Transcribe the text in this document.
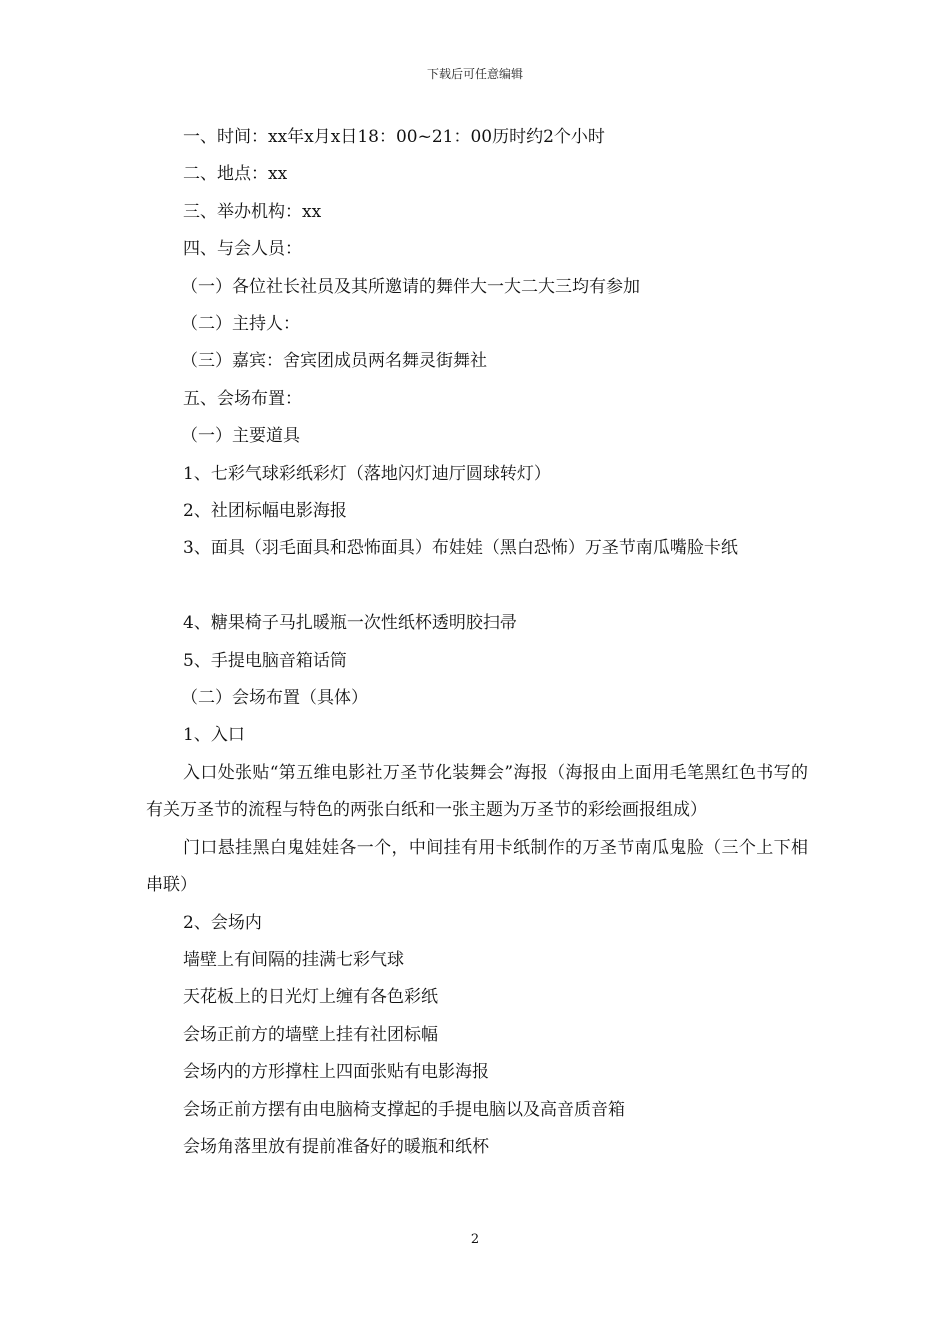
下载后可任意编辑

一、时间：xx年x月x日18：00~21：00历时约2个小时

二、地点：xx

三、举办机构：xx

四、与会人员：

（一）各位社长社员及其所邀请的舞伴大一大二大三均有参加

（二）主持人：

（三）嘉宾：舍宾团成员两名舞灵街舞社

五、会场布置：

（一）主要道具

1、七彩气球彩纸彩灯（落地闪灯迪厅圆球转灯）

2、社团标幅电影海报

3、面具（羽毛面具和恐怖面具）布娃娃（黑白恐怖）万圣节南瓜嘴脸卡纸

4、糖果椅子马扎暖瓶一次性纸杯透明胶扫帚

5、手提电脑音箱话筒

（二）会场布置（具体）

1、入口

入口处张贴“第五维电影社万圣节化装舞会”海报（海报由上面用毛笔黑红色书写的有关万圣节的流程与特色的两张白纸和一张主题为万圣节的彩绘画报组成）

门口悬挂黑白鬼娃娃各一个，中间挂有用卡纸制作的万圣节南瓜鬼脸（三个上下相串联）

2、会场内

墙壁上有间隔的挂满七彩气球

天花板上的日光灯上缠有各色彩纸

会场正前方的墙壁上挂有社团标幅

会场内的方形撑柱上四面张贴有电影海报

会场正前方摆有由电脑椅支撑起的手提电脑以及高音质音箱

会场角落里放有提前准备好的暖瓶和纸杯

2
